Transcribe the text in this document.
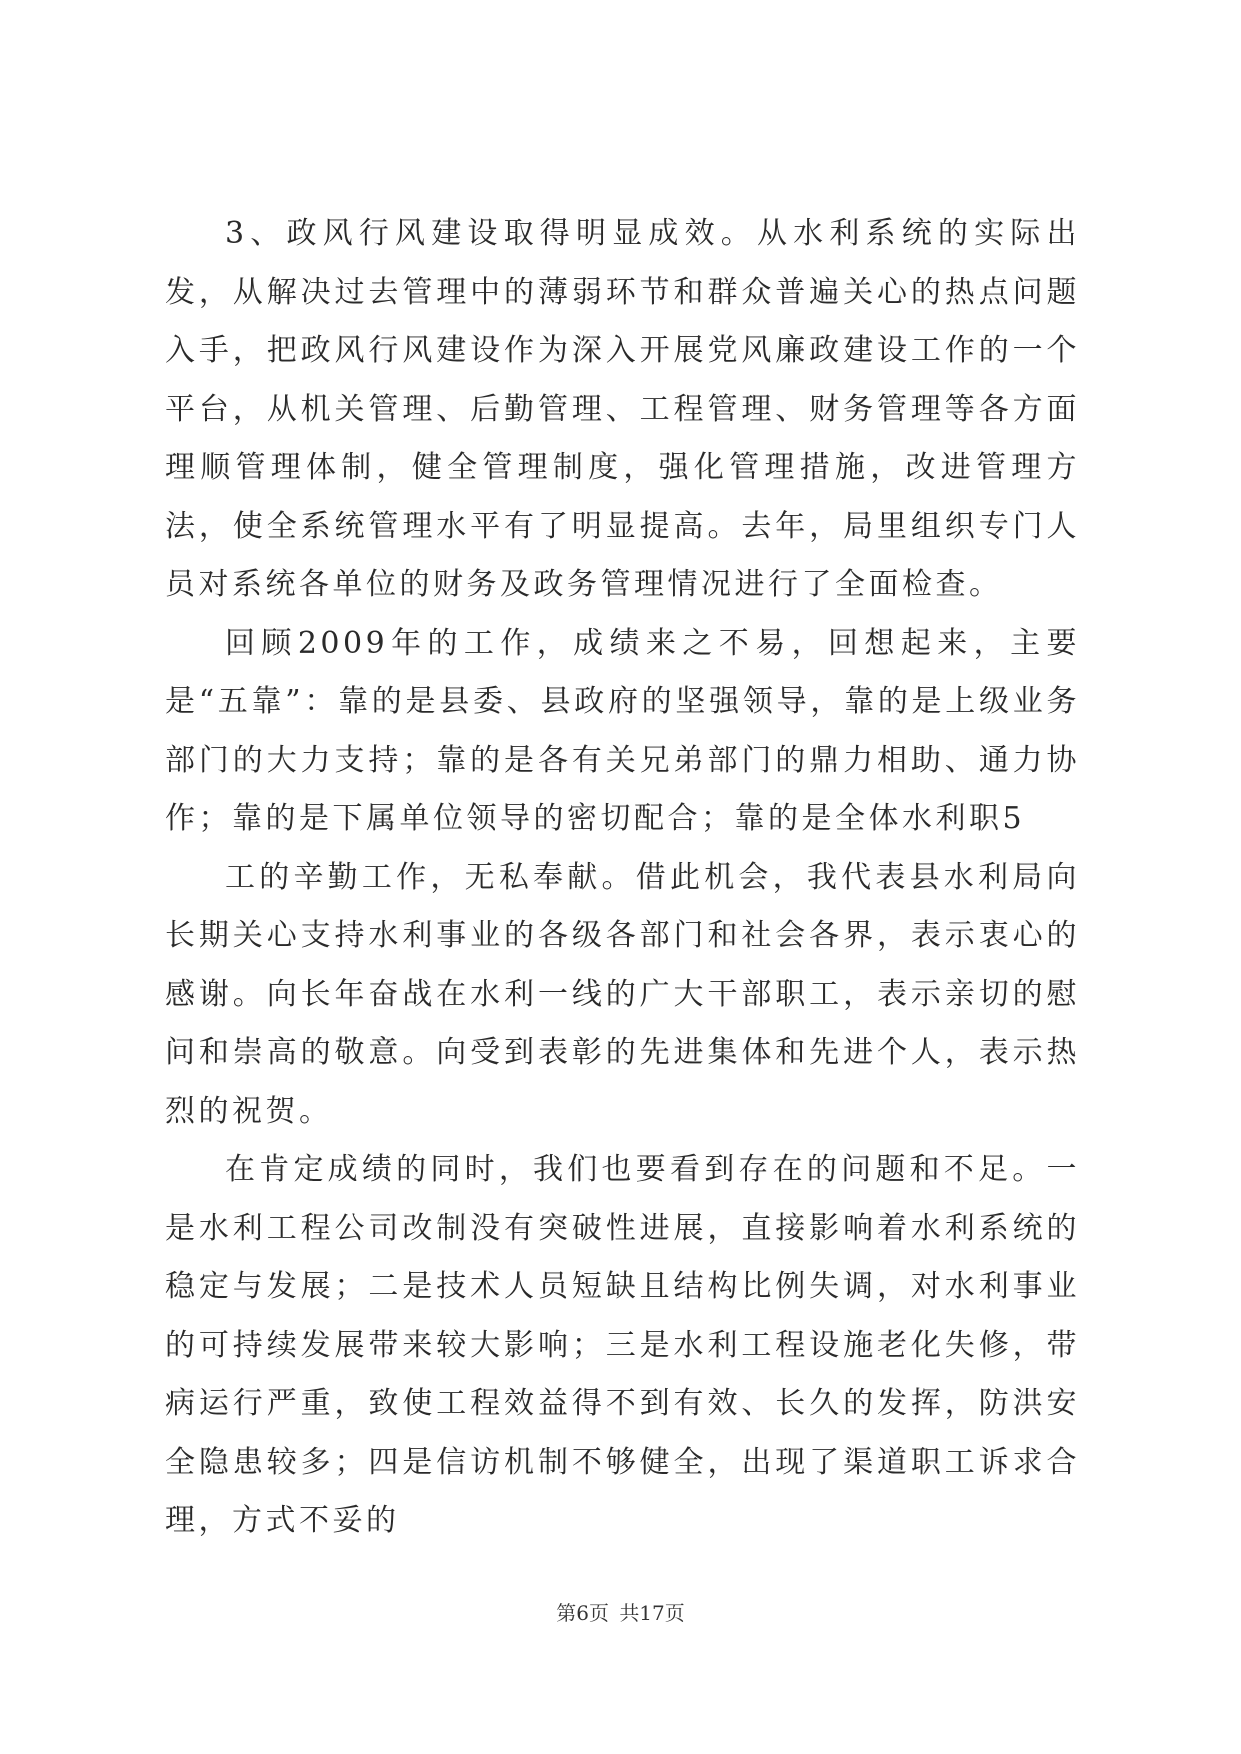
3、政风行风建设取得明显成效。从水利系统的实际出发，从解决过去管理中的薄弱环节和群众普遍关心的热点问题入手，把政风行风建设作为深入开展党风廉政建设工作的一个平台，从机关管理、后勤管理、工程管理、财务管理等各方面理顺管理体制，健全管理制度，强化管理措施，改进管理方法，使全系统管理水平有了明显提高。去年，局里组织专门人员对系统各单位的财务及政务管理情况进行了全面检查。

回顾2009年的工作，成绩来之不易，回想起来，主要是“五靠”：靠的是县委、县政府的坚强领导，靠的是上级业务部门的大力支持；靠的是各有关兄弟部门的鼎力相助、通力协作；靠的是下属单位领导的密切配合；靠的是全体水利职5

工的辛勤工作，无私奉献。借此机会，我代表县水利局向长期关心支持水利事业的各级各部门和社会各界，表示衷心的感谢。向长年奋战在水利一线的广大干部职工，表示亲切的慰问和崇高的敬意。向受到表彰的先进集体和先进个人，表示热烈的祝贺。

在肯定成绩的同时，我们也要看到存在的问题和不足。一是水利工程公司改制没有突破性进展，直接影响着水利系统的稳定与发展；二是技术人员短缺且结构比例失调，对水利事业的可持续发展带来较大影响；三是水利工程设施老化失修，带病运行严重，致使工程效益得不到有效、长久的发挥，防洪安全隐患较多；四是信访机制不够健全，出现了渠道职工诉求合理，方式不妥的

第6页 共17页
